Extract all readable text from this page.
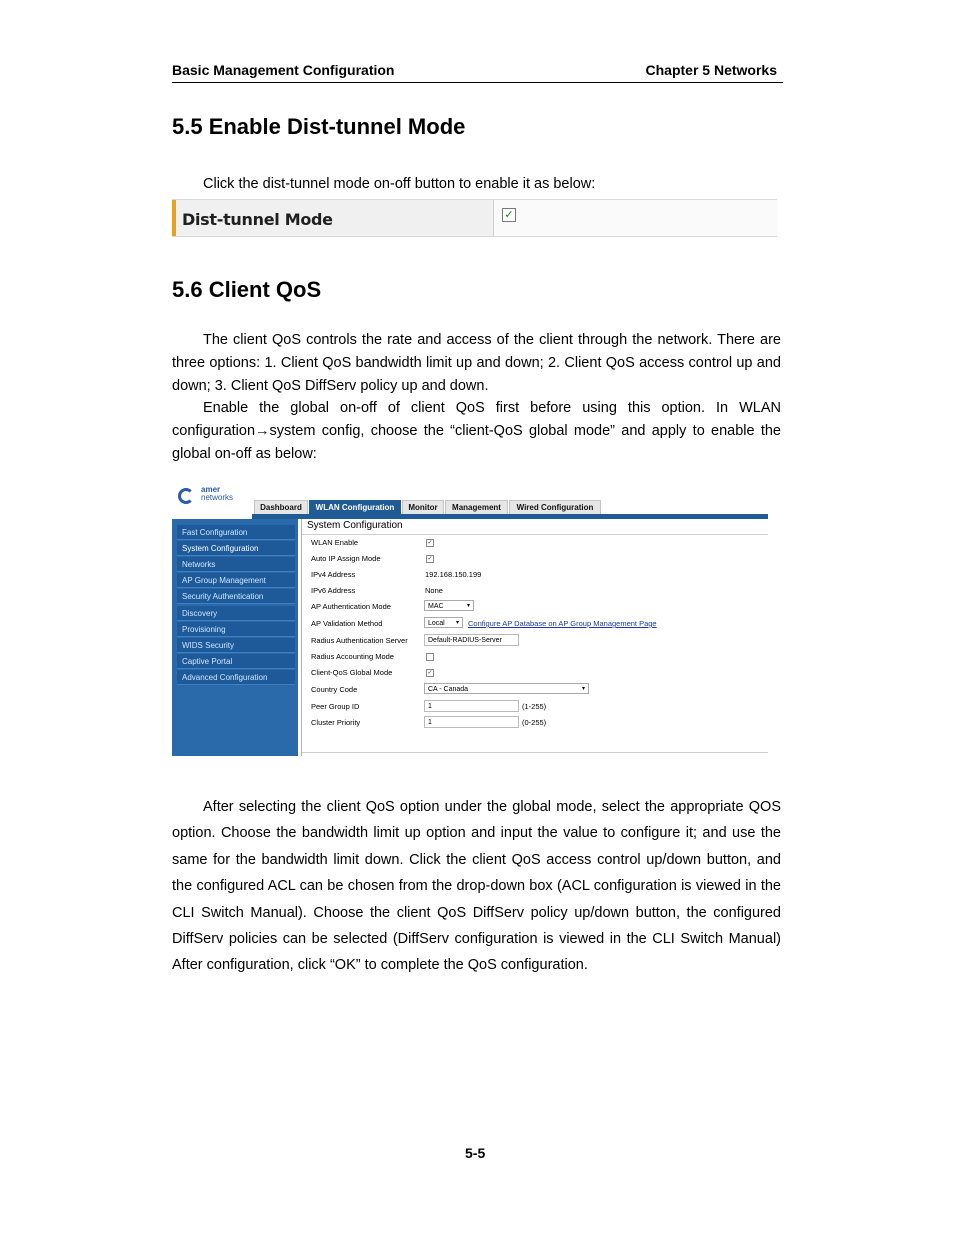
Basic Management Configuration	Chapter 5 Networks
5.5 Enable Dist-tunnel Mode

Click the dist-tunnel mode on-off button to enable it as below:

Dist-tunnel Mode	✓
5.6 Client QoS

The client QoS controls the rate and access of the client through the network. There are three options: 1. Client QoS bandwidth limit up and down; 2. Client QoS access control up and down; 3. Client QoS DiffServ policy up and down.

Enable the global on-off of client QoS first before using this option. In WLAN configuration→system config, choose the “client-QoS global mode” and apply to enable the global on-off as below:

amer
networks
Dashboard	WLAN Configuration	Monitor	Management	Wired Configuration
Fast Configuration
System Configuration
Networks
AP Group Management
Security Authentication
Discovery
Provisioning
WIDS Security
Captive Portal
Advanced Configuration
System Configuration
WLAN Enable	✓
Auto IP Assign Mode	✓
IPv4 Address	192.168.150.199
IPv6 Address	None
AP Authentication Mode	MAC	▾
AP Validation Method	Local ▾ Configure AP Database on AP Group Management Page
Radius Authentication Server	Default-RADIUS-Server
Radius Accounting Mode
Client-QoS Global Mode	✓
Country Code	CA - Canada	▾
Peer Group ID	1	(1-255)
Cluster Priority	1	(0-255)

After selecting the client QoS option under the global mode, select the appropriate QOS option. Choose the bandwidth limit up option and input the value to configure it; and use the same for the bandwidth limit down. Click the client QoS access control up/down button, and the configured ACL can be chosen from the drop-down box (ACL configuration is viewed in the CLI Switch Manual). Choose the client QoS DiffServ policy up/down button, the configured DiffServ policies can be selected (DiffServ configuration is viewed in the CLI Switch Manual) After configuration, click “OK” to complete the QoS configuration.

5-5
